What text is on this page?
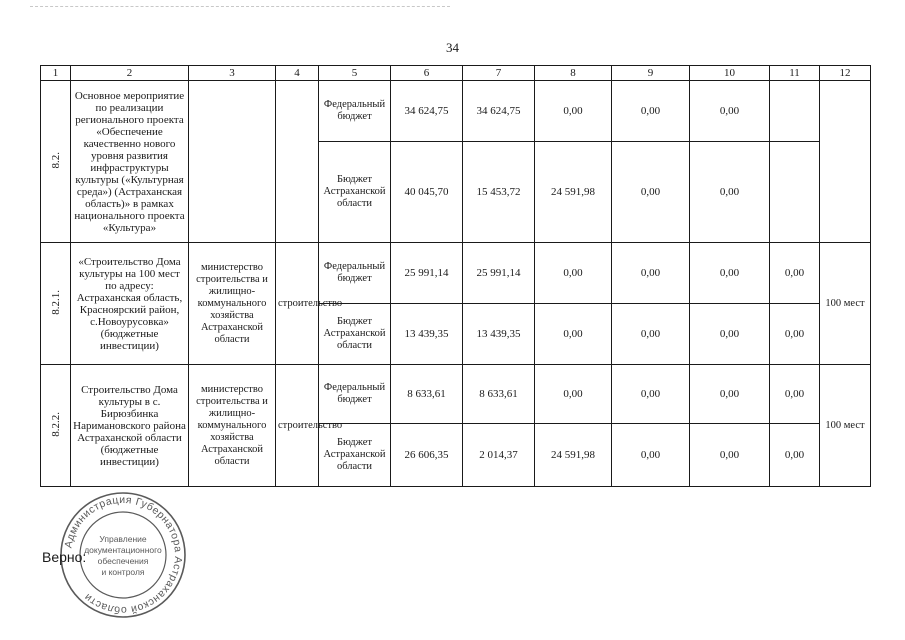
34
1	2	3	4	5	6	7	8	9	10	11	12
8.2.	Основное мероприятие по реализации регионального проекта «Обеспечение качественно нового уровня развития инфраструктуры культуры («Культурная среда») (Астраханская область)» в рамках национального проекта «Культура»			Федеральный бюджет	34 624,75	34 624,75	0,00	0,00	0,00		
				Бюджет Астраханской области	40 045,70	15 453,72	24 591,98	0,00	0,00		
8.2.1.	«Строительство Дома культуры на 100 мест по адресу: Астраханская область, Красноярский район, с.Новоурусовка» (бюджетные инвестиции)	министерство строительства и жилищно-коммунального хозяйства Астраханской области	строительство	Федеральный бюджет	25 991,14	25 991,14	0,00	0,00	0,00	0,00	100 мест
				Бюджет Астраханской области	13 439,35	13 439,35	0,00	0,00	0,00	0,00	
8.2.2.	Строительство Дома культуры в с. Бирюзбинка Наримановского района Астраханской области (бюджетные инвестиции)	министерство строительства и жилищно-коммунального хозяйства Астраханской области	строительство	Федеральный бюджет	8 633,61	8 633,61	0,00	0,00	0,00	0,00	100 мест
				Бюджет Астраханской области	26 606,35	2 014,37	24 591,98	0,00	0,00	0,00	
Администрация Губернатора Астраханской области
Управление
документационного
обеспечения
и контроля
Верно:
